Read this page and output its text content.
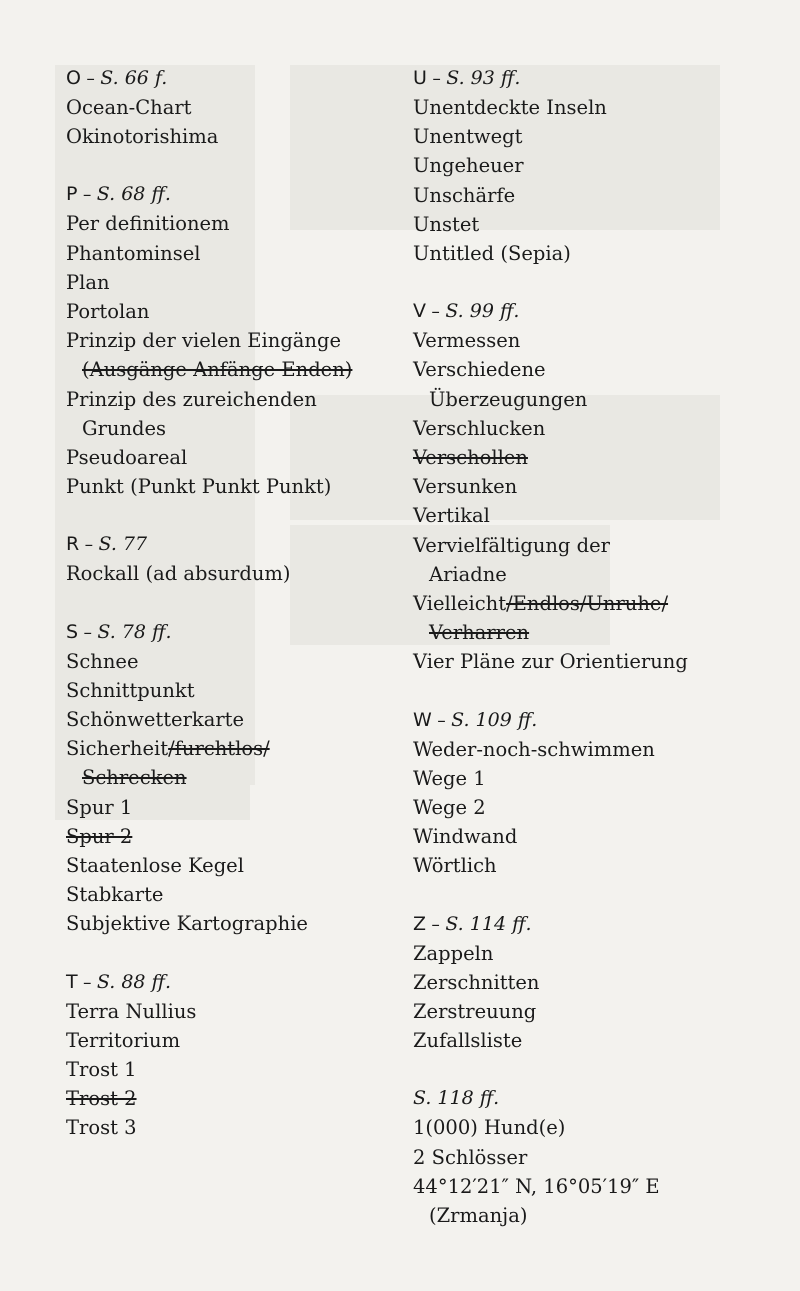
O – S. 66 f.
Ocean-Chart
Okinotorishima
P – S. 68 ff.
Per definitionem
Phantominsel
Plan
Portolan
Prinzip der vielen Eingänge
(Ausgänge Anfänge Enden)
Prinzip des zureichenden
Grundes
Pseudoareal
Punkt (Punkt Punkt Punkt)
R – S. 77
Rockall (ad absurdum)
S – S. 78 ff.
Schnee
Schnittpunkt
Schönwetterkarte
Sicherheit/furchtlos/
Schrecken
Spur 1
Spur 2
Staatenlose Kegel
Stabkarte
Subjektive Kartographie
T – S. 88 ff.
Terra Nullius
Territorium
Trost 1
Trost 2
Trost 3
U – S. 93 ff.
Unentdeckte Inseln
Unentwegt
Ungeheuer
Unschärfe
Unstet
Untitled (Sepia)
V – S. 99 ff.
Vermessen
Verschiedene
Überzeugungen
Verschlucken
Verschollen
Versunken
Vertikal
Vervielfältigung der
Ariadne
Vielleicht/Endlos/Unruhe/
Verharren
Vier Pläne zur Orientierung
W – S. 109 ff.
Weder-noch-schwimmen
Wege 1
Wege 2
Windwand
Wörtlich
Z – S. 114 ff.
Zappeln
Zerschnitten
Zerstreuung
Zufallsliste
S. 118 ff.
1(000) Hund(e)
2 Schlösser
44°12′21″ N, 16°05′19″ E
(Zrmanja)
